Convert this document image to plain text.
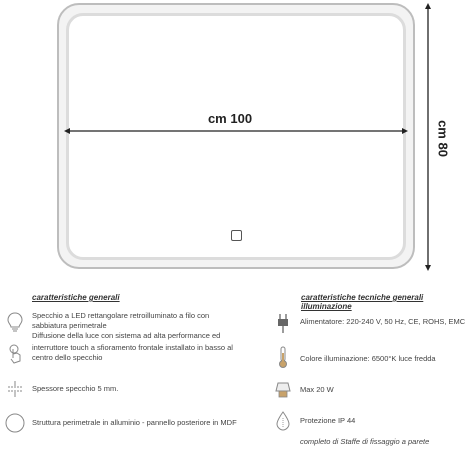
cm 100
cm 80
caratteristiche generali
Specchio a LED rettangolare retroilluminato a filo con
sabbiatura perimetrale
Diffusione della luce con sistema ad alta performance ed
interruttore touch a sfioramento frontale installato in basso al
centro dello specchio
Spessore specchio 5 mm.
Struttura perimetrale in alluminio - pannello posteriore in MDF
caratteristiche tecniche generali illuminazione
Alimentatore: 220-240 V, 50 Hz, CE, ROHS, EMC
Colore illuminazione: 6500°K luce fredda
Max 20 W
Protezione IP 44
completo di Staffe di fissaggio a parete
